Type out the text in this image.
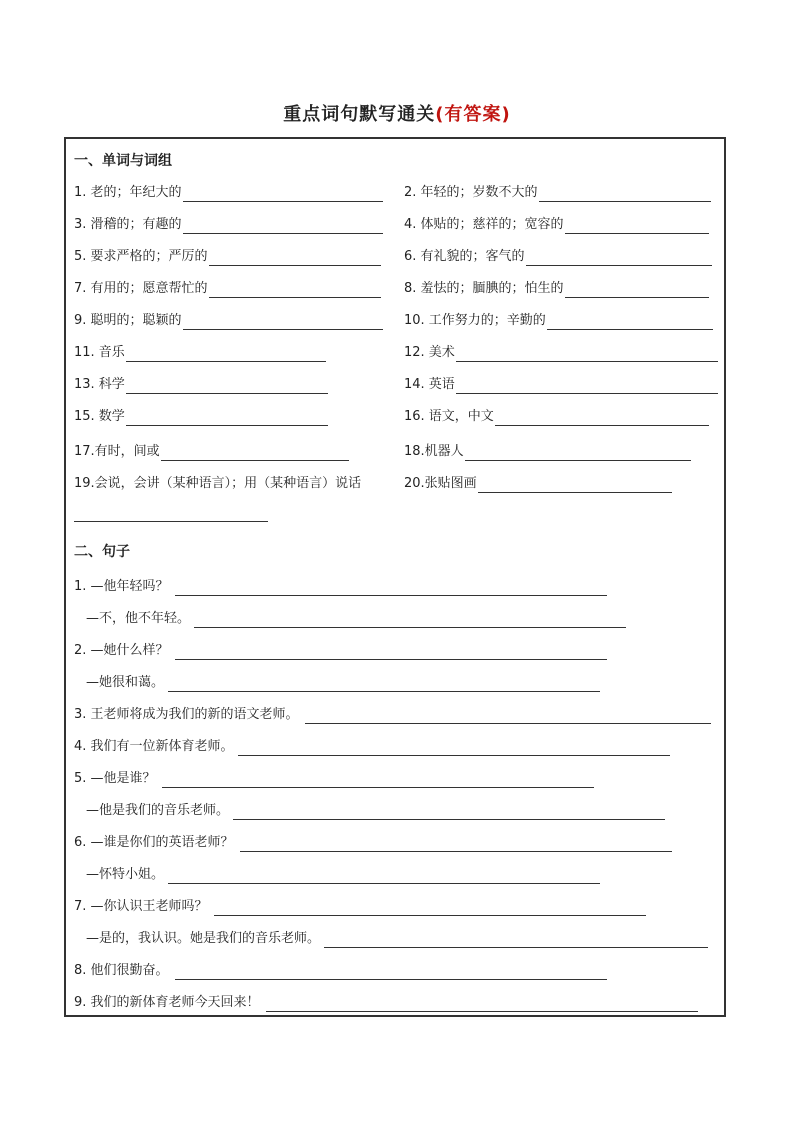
重点词句默写通关(有答案)
一、单词与词组
1. 老的；年纪大的	2. 年轻的；岁数不大的
3. 滑稽的；有趣的	4. 体贴的；慈祥的；宽容的
5. 要求严格的；严厉的	6. 有礼貌的；客气的
7. 有用的；愿意帮忙的	8. 羞怯的；腼腆的；怕生的
9. 聪明的；聪颖的	10. 工作努力的；辛勤的
11. 音乐	12. 美术
13. 科学	14. 英语
15. 数学	16. 语文，中文
17.有时，间或	18.机器人
19.会说，会讲（某种语言）；用（某种语言）说话	20.张贴图画
二、句子
1. —他年轻吗？
—不，他不年轻。
2. —她什么样？
—她很和蔼。
3. 王老师将成为我们的新的语文老师。
4. 我们有一位新体育老师。
5. —他是谁？
—他是我们的音乐老师。
6. —谁是你们的英语老师？
—怀特小姐。
7. —你认识王老师吗？
—是的，我认识。她是我们的音乐老师。
8. 他们很勤奋。
9. 我们的新体育老师今天回来！
